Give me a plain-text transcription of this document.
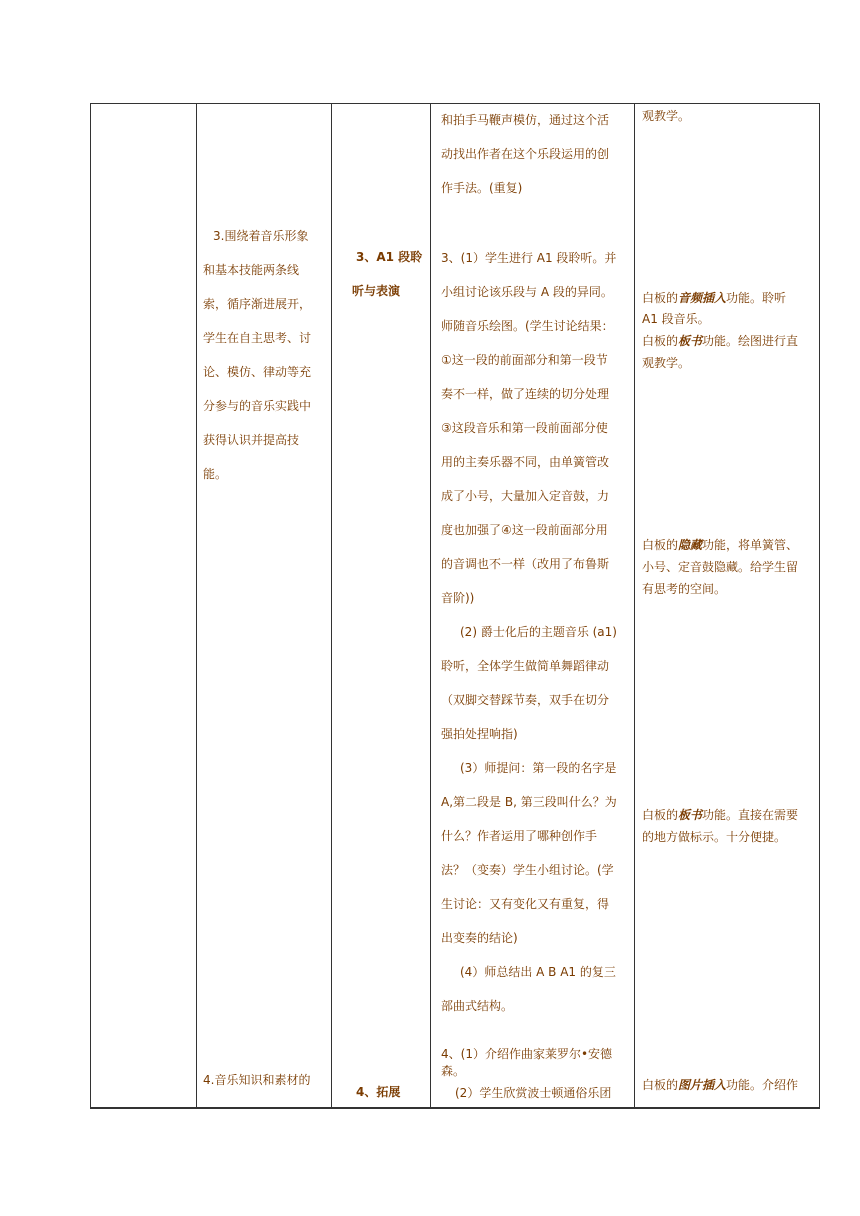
3.围绕着音乐形象
和基本技能两条线
索，循序渐进展开，
学生在自主思考、讨
论、模仿、律动等充
分参与的音乐实践中
获得认识并提高技
能。
4.音乐知识和素材的
3、A1 段聆
听与表演
4、拓展
和拍手马鞭声模仿，通过这个活
动找出作者在这个乐段运用的创
作手法。(重复)
3、(1）学生进行 A1 段聆听。并
小组讨论该乐段与 A 段的异同。
师随音乐绘图。(学生讨论结果：
①这一段的前面部分和第一段节
奏不一样，做了连续的切分处理
③这段音乐和第一段前面部分使
用的主奏乐器不同，由单簧管改
成了小号，大量加入定音鼓，力
度也加强了④这一段前面部分用
的音调也不一样（改用了布鲁斯
音阶))
(2) 爵士化后的主题音乐 (a1)
聆听，全体学生做简单舞蹈律动
（双脚交替踩节奏，双手在切分
强拍处捏响指)
(3）师提问：第一段的名字是
A,第二段是 B, 第三段叫什么？为
什么？作者运用了哪种创作手
法？（变奏）学生小组讨论。(学
生讨论：又有变化又有重复，得
出变奏的结论)
(4）师总结出 A B A1 的复三
部曲式结构。
4、(1）介绍作曲家莱罗尔•安德
森。
(2）学生欣赏波士顿通俗乐团
观教学。
白板的音频插入功能。聆听
A1 段音乐。
白板的板书功能。绘图进行直
观教学。
白板的隐藏功能，将单簧管、
小号、定音鼓隐藏。给学生留
有思考的空间。
白板的板书功能。直接在需要
的地方做标示。十分便捷。
白板的图片插入功能。介绍作
